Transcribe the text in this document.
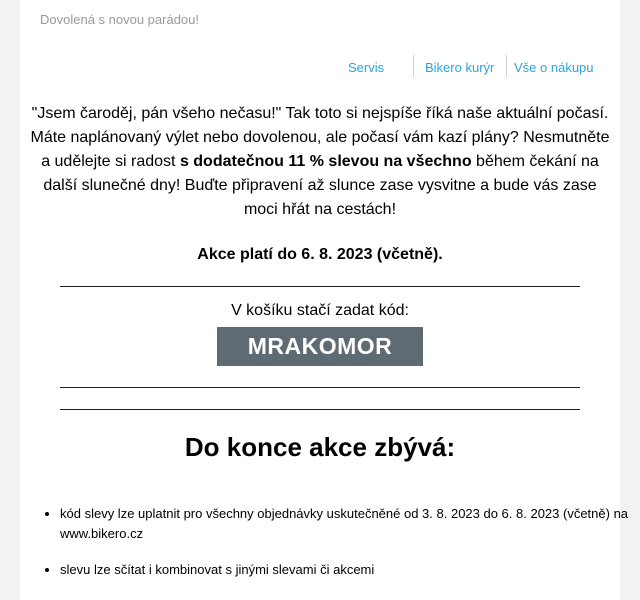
Dovolená s novou parádou!
Servis	Bikero kurýr Vše o nákupu
"Jsem čaroděj, pán všeho nečasu!" Tak toto si nejspíše říká naše aktuální počasí. Máte naplánovaný výlet nebo dovolenou, ale počasí vám kazí plány? Nesmutněte a udělejte si radost s dodatečnou 11 % slevou na všechno během čekání na další slunečné dny! Buďte připravení až slunce zase vysvitne a bude vás zase moci hřát na cestách!
Akce platí do 6. 8. 2023 (včetně).
V košíku stačí zadat kód:
MRAKOMOR
Do konce akce zbývá:
• kód slevy lze uplatnit pro všechny objednávky uskutečněné od 3. 8. 2023 do 6. 8. 2023 (včetně) na www.bikero.cz
• slevu lze sčítat i kombinovat s jinými slevami či akcemi
